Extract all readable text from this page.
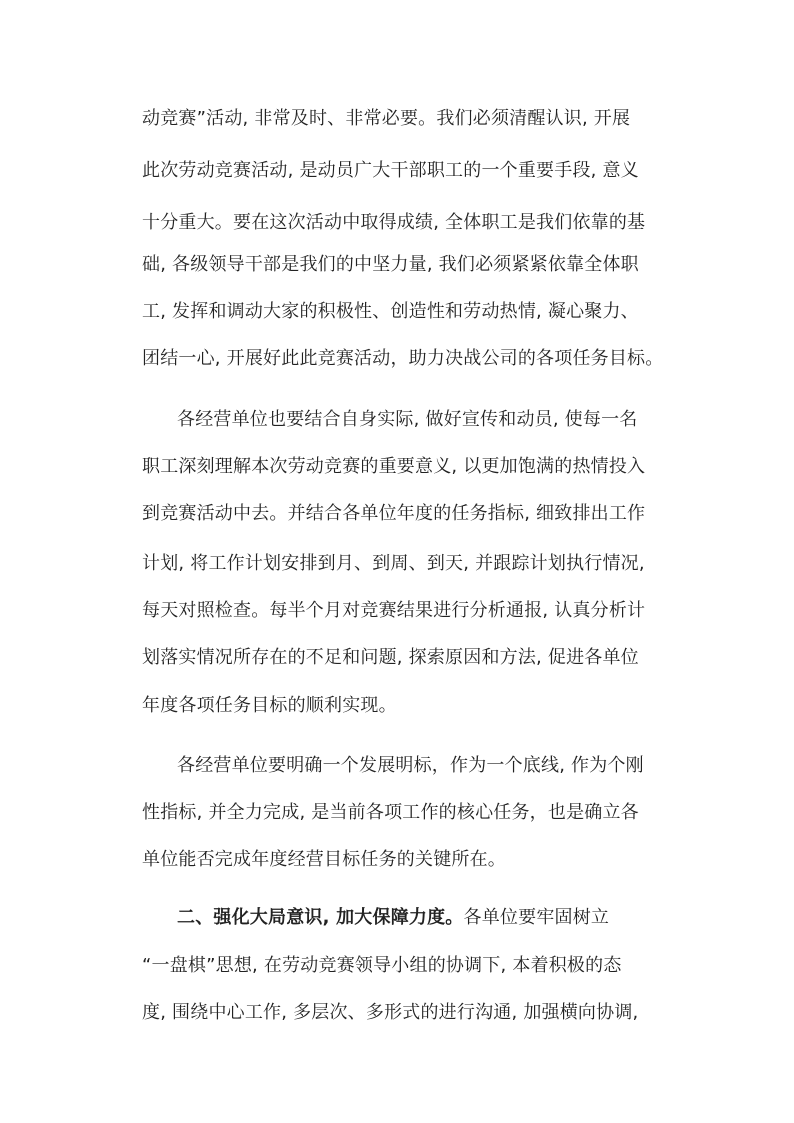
动竞赛”活动, 非常及时、非常必要。我们必须清醒认识, 开展

此次劳动竞赛活动, 是动员广大干部职工的一个重要手段, 意义

十分重大。要在这次活动中取得成绩, 全体职工是我们依靠的基

础, 各级领导干部是我们的中坚力量, 我们必须紧紧依靠全体职

工, 发挥和调动大家的积极性、创造性和劳动热情, 凝心聚力、

团结一心, 开展好此此竞赛活动，助力决战公司的各项任务目标。

各经营单位也要结合自身实际, 做好宣传和动员, 使每一名

职工深刻理解本次劳动竞赛的重要意义, 以更加饱满的热情投入

到竞赛活动中去。并结合各单位年度的任务指标, 细致排出工作

计划, 将工作计划安排到月、到周、到天, 并跟踪计划执行情况,

每天对照检查。每半个月对竞赛结果进行分析通报, 认真分析计

划落实情况所存在的不足和问题, 探索原因和方法, 促进各单位

年度各项任务目标的顺利实现。

各经营单位要明确一个发展明标，作为一个底线, 作为个刚

性指标, 并全力完成, 是当前各项工作的核心任务，也是确立各

单位能否完成年度经营目标任务的关键所在。

二、强化大局意识, 加大保障力度。各单位要牢固树立

“一盘棋”思想, 在劳动竞赛领导小组的协调下, 本着积极的态

度, 围绕中心工作, 多层次、多形式的进行沟通, 加强横向协调,
